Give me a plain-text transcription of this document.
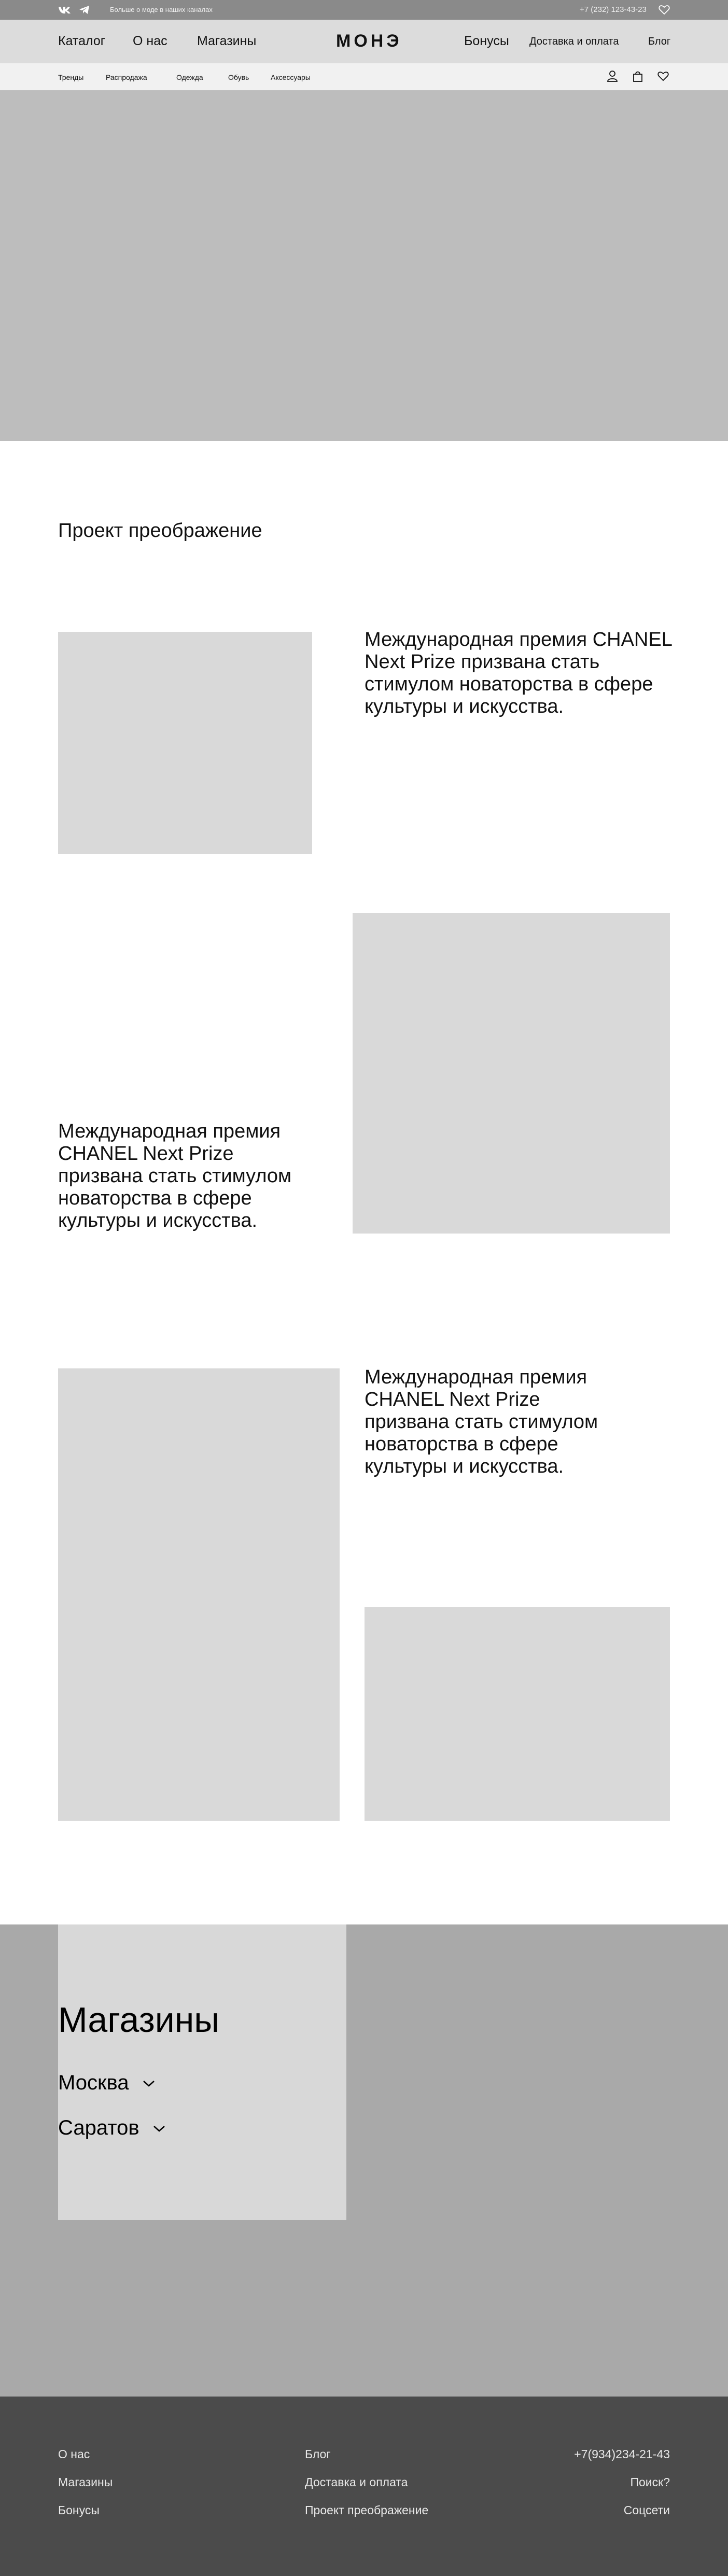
Больше о моде в наших каналах	+7 (232) 123-43-23
Каталог О нас Магазины	МОНЭ	Бонусы Доставка и оплата	Блог
Тренды	Распродажа	Одежда	Обувь	Аксессуары
Проект преображение
Международная премия CHANEL Next Prize призвана стать стимулом новаторства в сфере культуры и искусства.
Международная премия CHANEL Next Prize призвана стать стимулом новаторства в сфере культуры и искусства.
Международная премия CHANEL Next Prize призвана стать стимулом новаторства в сфере культуры и искусства.
Магазины
Москва
Саратов
О нас
Магазины
Бонусы
Блог
Доставка и оплата
Проект преображение
+7(934)234-21-43
Поиск?
Соцсети
